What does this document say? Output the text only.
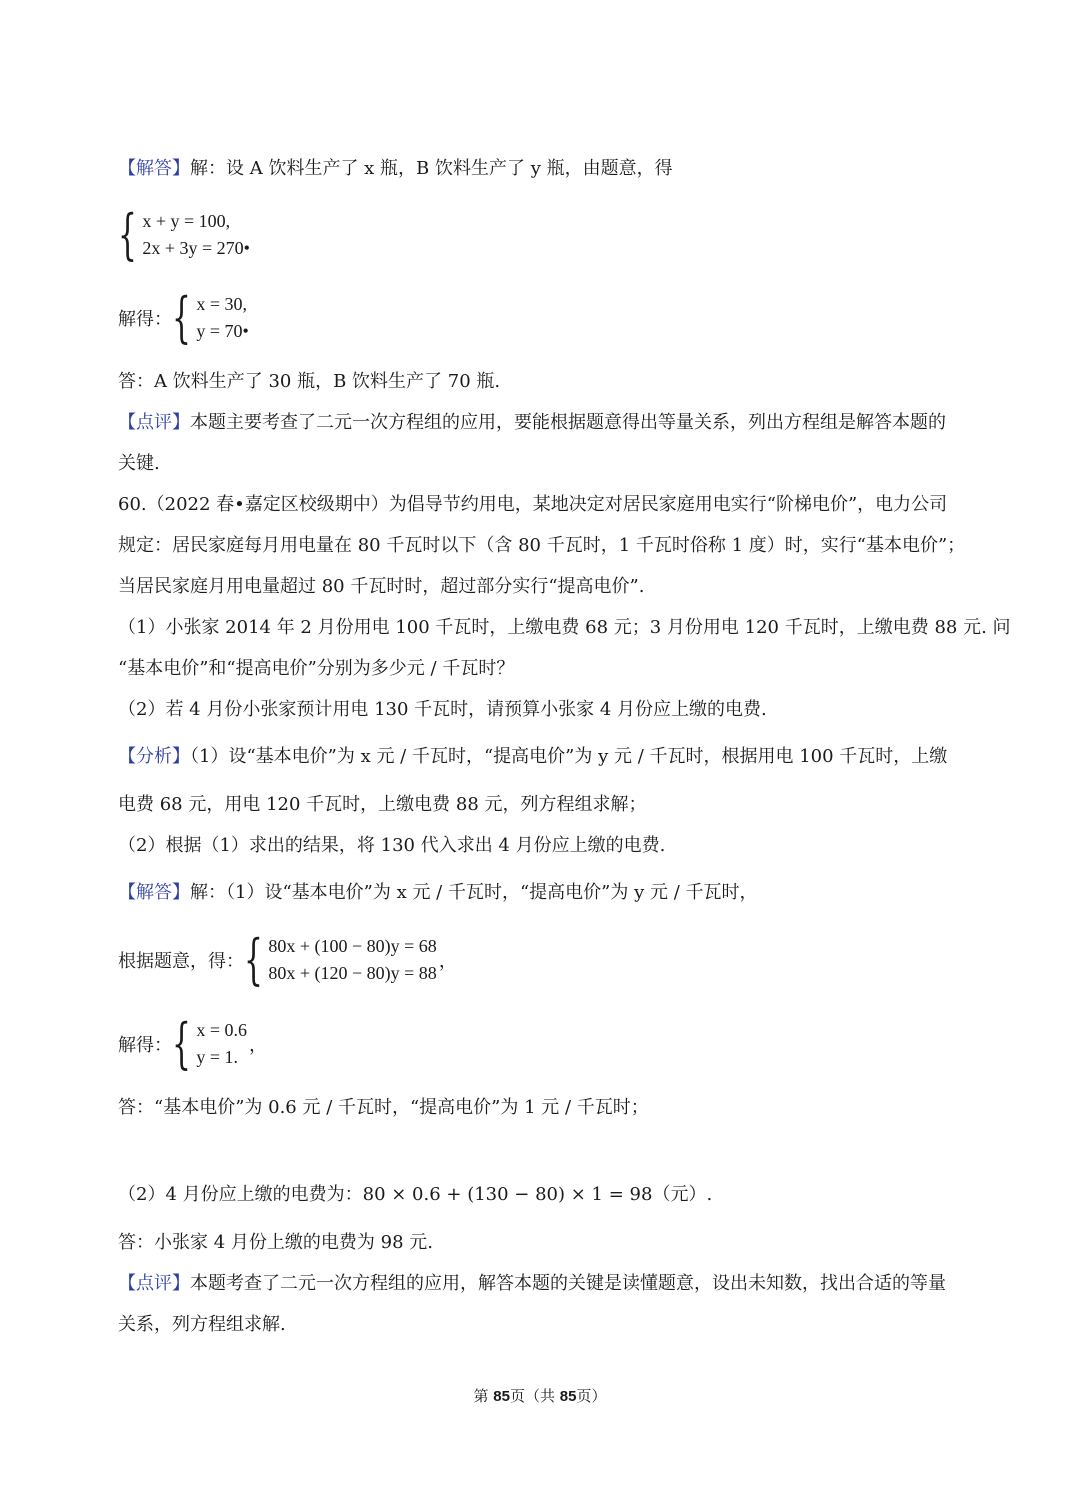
【解答】解：设 A 饮料生产了 x 瓶，B 饮料生产了 y 瓶，由题意，得
{ x + y = 100,
2x + 3y = 270•
解得： { x = 30,
y = 70•
答：A 饮料生产了 30 瓶，B 饮料生产了 70 瓶.
【点评】本题主要考查了二元一次方程组的应用，要能根据题意得出等量关系，列出方程组是解答本题的
关键.
60.（2022 春•嘉定区校级期中）为倡导节约用电，某地决定对居民家庭用电实行“阶梯电价”，电力公司
规定：居民家庭每月用电量在 80 千瓦时以下（含 80 千瓦时，1 千瓦时俗称 1 度）时，实行“基本电价”；
当居民家庭月用电量超过 80 千瓦时时，超过部分实行“提高电价”.
（1）小张家 2014 年 2 月份用电 100 千瓦时，上缴电费 68 元；3 月份用电 120 千瓦时，上缴电费 88 元. 问
“基本电价”和“提高电价”分别为多少元 / 千瓦时？
（2）若 4 月份小张家预计用电 130 千瓦时，请预算小张家 4 月份应上缴的电费.
【分析】（1）设“基本电价”为 x 元 / 千瓦时，“提高电价”为 y 元 / 千瓦时，根据用电 100 千瓦时，上缴
电费 68 元，用电 120 千瓦时，上缴电费 88 元，列方程组求解；
（2）根据（1）求出的结果，将 130 代入求出 4 月份应上缴的电费.
【解答】解：（1）设“基本电价”为 x 元 / 千瓦时，“提高电价”为 y 元 / 千瓦时，
根据题意，得： { 80x + (100 − 80)y = 68
80x + (120 − 80)y = 88
，
解得： { x = 0.6
y = 1.
，
答：“基本电价”为 0.6 元 / 千瓦时，“提高电价”为 1 元 / 千瓦时；
（2）4 月份应上缴的电费为：80 × 0.6 + (130 − 80) × 1 = 98（元）.
答：小张家 4 月份上缴的电费为 98 元.
【点评】本题考查了二元一次方程组的应用，解答本题的关键是读懂题意，设出未知数，找出合适的等量
关系，列方程组求解.
第 85页（共 85页）
